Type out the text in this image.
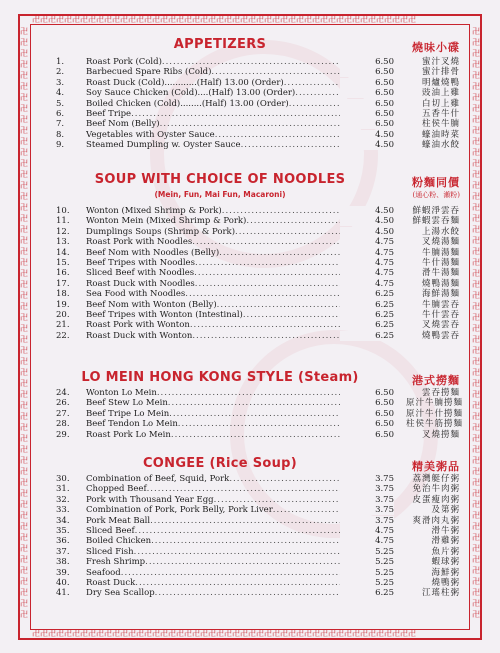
卍卍卍卍卍卍卍卍卍卍卍卍卍卍卍卍卍卍卍卍卍卍卍卍卍卍卍卍卍卍卍卍卍卍卍卍卍卍卍卍卍卍卍卍卍卍卍卍
卍卍卍卍卍卍卍卍卍卍卍卍卍卍卍卍卍卍卍卍卍卍卍卍卍卍卍卍卍卍卍卍卍卍卍卍卍卍卍卍卍卍卍卍卍卍卍卍
卍
卍
卍
卍
卍
卍
卍
卍
卍
卍
卍
卍
卍
卍
卍
卍
卍
卍
卍
卍
卍
卍
卍
卍
卍
卍
卍
卍
卍
卍
卍
卍
卍
卍
卍
卍
卍
卍
卍
卍
卍
卍
卍
卍
卍
卍
卍
卍
卍
卍
卍
卍
卍
卍
卍
卍
卍
卍
卍
卍
卍
卍
卍
卍
卍
卍
卍
卍
卍
卍
卍
卍
卍
卍
卍
卍
卍
卍
卍
卍
卍
卍
卍
卍
卍
卍
卍
卍
卍
卍
卍
卍
卍
卍
卍
卍
卍
卍
卍
卍
卍
卍
卍
卍
卍
卍
卍
卍
APPETIZERS	燒味小碟
SOUP WITH CHOICE OF NOODLES
(Mein, Fun, Mai Fun, Macaroni)
粉麵同價
(通心粉、瀨粉)
LO MEIN HONG KONG STYLE (Steam)	港式撈麵
CONGEE (Rice Soup)	精美粥品
1.	Roast Pork (Cold) .....	6.50	蜜汁叉燒
2.	Barbecued Spare Ribs (Cold) .....	6.50	蜜汁排骨
3.	Roast Duck (Cold)............(Half) 13.00 (Order) .....	6.50	明爐燒鴨
4.	Soy Sauce Chicken (Cold)....(Half) 13.00 (Order) .....	6.50	豉油上雞
5.	Boiled Chicken (Cold)........(Half) 13.00 (Order) .....	6.50	白切上雞
6.	Beef Tripe .....	6.50	五香牛什
7.	Beef Nom (Belly) .....	6.50	柱侯牛腩
8.	Vegetables with Oyster Sauce .....	4.50	蠔油時菜
9.	Steamed Dumpling w. Oyster Sauce .....	4.50	蠔油水餃
10. Wonton (Mixed Shrimp & Pork) .....	4.50	鮮蝦淨雲吞
11. Wonton Mein (Mixed Shrimp & Pork) .....	4.50	鮮蝦雲吞麵
12. Dumplings Soups (Shrimp & Pork) .....	4.50	上湯水餃
13. Roast Pork with Noodles .....	4.75	叉燒湯麵
14. Beef Nom with Noodles (Belly) .....	4.75	牛腩湯麵
15. Beef Tripes with Noodles .....	4.75	牛什湯麵
16. Sliced Beef with Noodles .....	4.75	滑牛湯麵
17. Roast Duck with Noodles .....	4.75	燒鴨湯麵
18. Sea Food with Noodles .....	6.25	海鮮湯麵
19. Beef Nom with Wonton (Belly) .....	6.25	牛腩雲吞
20. Beef Tripes with Wonton (Intestinal) .....	6.25	牛什雲吞
21. Roast Pork with Wonton .....	6.25	叉燒雲吞
22. Roast Duck with Wonton .....	6.25	燒鴨雲吞
24. Wonton Lo Mein .....	6.50	雲吞撈麵
26. Beef Stew Lo Mein .....	6.50 原汁牛腩撈麵
27. Beef Tripe Lo Mein .....	6.50 原汁牛什撈麵
28. Beef Tendon Lo Mein .....	6.50 柱侯牛筋撈麵
29. Roast Pork Lo Mein .....	6.50	叉燒撈麵
30. Combination of Beef, Squid, Pork .....	3.75	荔灣艇仔粥
31. Chopped Beef .....	3.75	免治牛肉粥
32. Pork with Thousand Year Egg .....	3.75	皮蛋瘦肉粥
33. Combination of Pork, Pork Belly, Pork Liver .....	3.75	及第粥
34. Pork Meat Ball .....	3.75	爽滑肉丸粥
35. Sliced Beef .....	4.75	滑牛粥
36. Boiled Chicken .....	4.75	滑雞粥
37. Sliced Fish .....	5.25	魚片粥
38. Fresh Shrimp .....	5.25	蝦球粥
39. Seafood .....	5.25	海鮮粥
40. Roast Duck .....	5.25	燒鴨粥
41. Dry Sea Scallop .....	6.25	江瑤柱粥
